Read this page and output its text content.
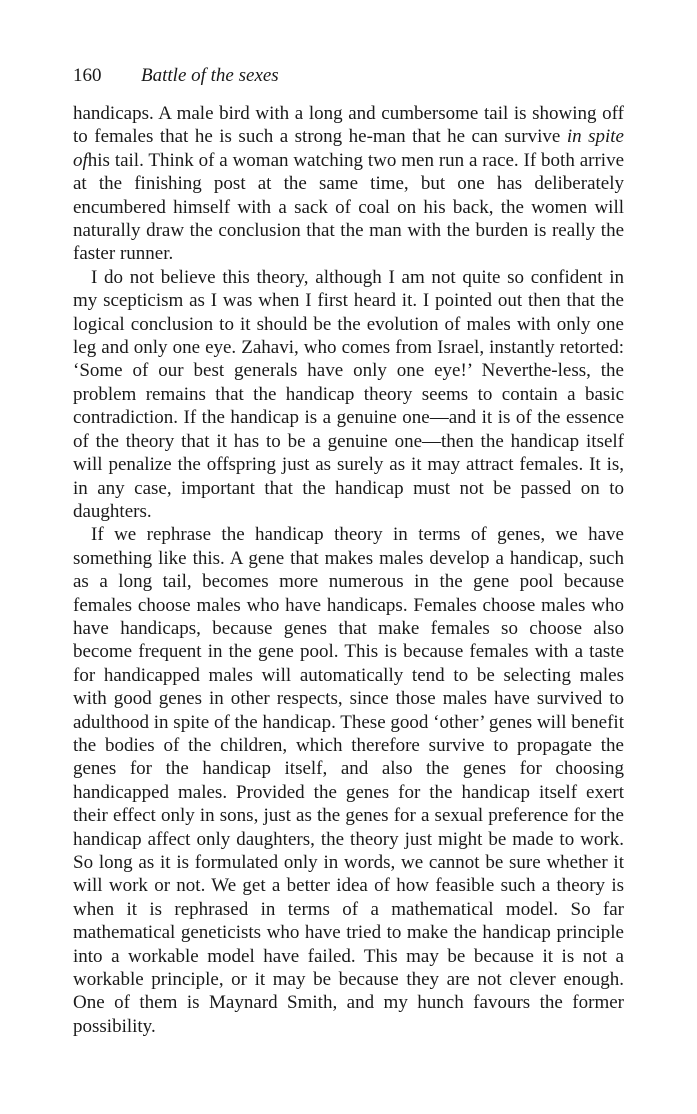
160 Battle of the sexes

handicaps. A male bird with a long and cumbersome tail is showing off to females that he is such a strong he-man that he can survive in spite ofhis tail. Think of a woman watching two men run a race. If both arrive at the finishing post at the same time, but one has deliberately encumbered himself with a sack of coal on his back, the women will naturally draw the conclusion that the man with the burden is really the faster runner.

I do not believe this theory, although I am not quite so confident in my scepticism as I was when I first heard it. I pointed out then that the logical conclusion to it should be the evolution of males with only one leg and only one eye. Zahavi, who comes from Israel, instantly retorted: ‘Some of our best generals have only one eye!’ Neverthe-less, the problem remains that the handicap theory seems to contain a basic contradiction. If the handicap is a genuine one—and it is of the essence of the theory that it has to be a genuine one—then the handicap itself will penalize the offspring just as surely as it may attract females. It is, in any case, important that the handicap must not be passed on to daughters.

If we rephrase the handicap theory in terms of genes, we have something like this. A gene that makes males develop a handicap, such as a long tail, becomes more numerous in the gene pool because females choose males who have handicaps. Females choose males who have handicaps, because genes that make females so choose also become frequent in the gene pool. This is because females with a taste for handicapped males will automatically tend to be selecting males with good genes in other respects, since those males have survived to adulthood in spite of the handicap. These good ‘other’ genes will benefit the bodies of the children, which therefore survive to propagate the genes for the handicap itself, and also the genes for choosing handicapped males. Provided the genes for the handicap itself exert their effect only in sons, just as the genes for a sexual preference for the handicap affect only daughters, the theory just might be made to work. So long as it is formulated only in words, we cannot be sure whether it will work or not. We get a better idea of how feasible such a theory is when it is rephrased in terms of a mathematical model. So far mathematical geneticists who have tried to make the handicap principle into a workable model have failed. This may be because it is not a workable principle, or it may be because they are not clever enough. One of them is Maynard Smith, and my hunch favours the former possibility.
